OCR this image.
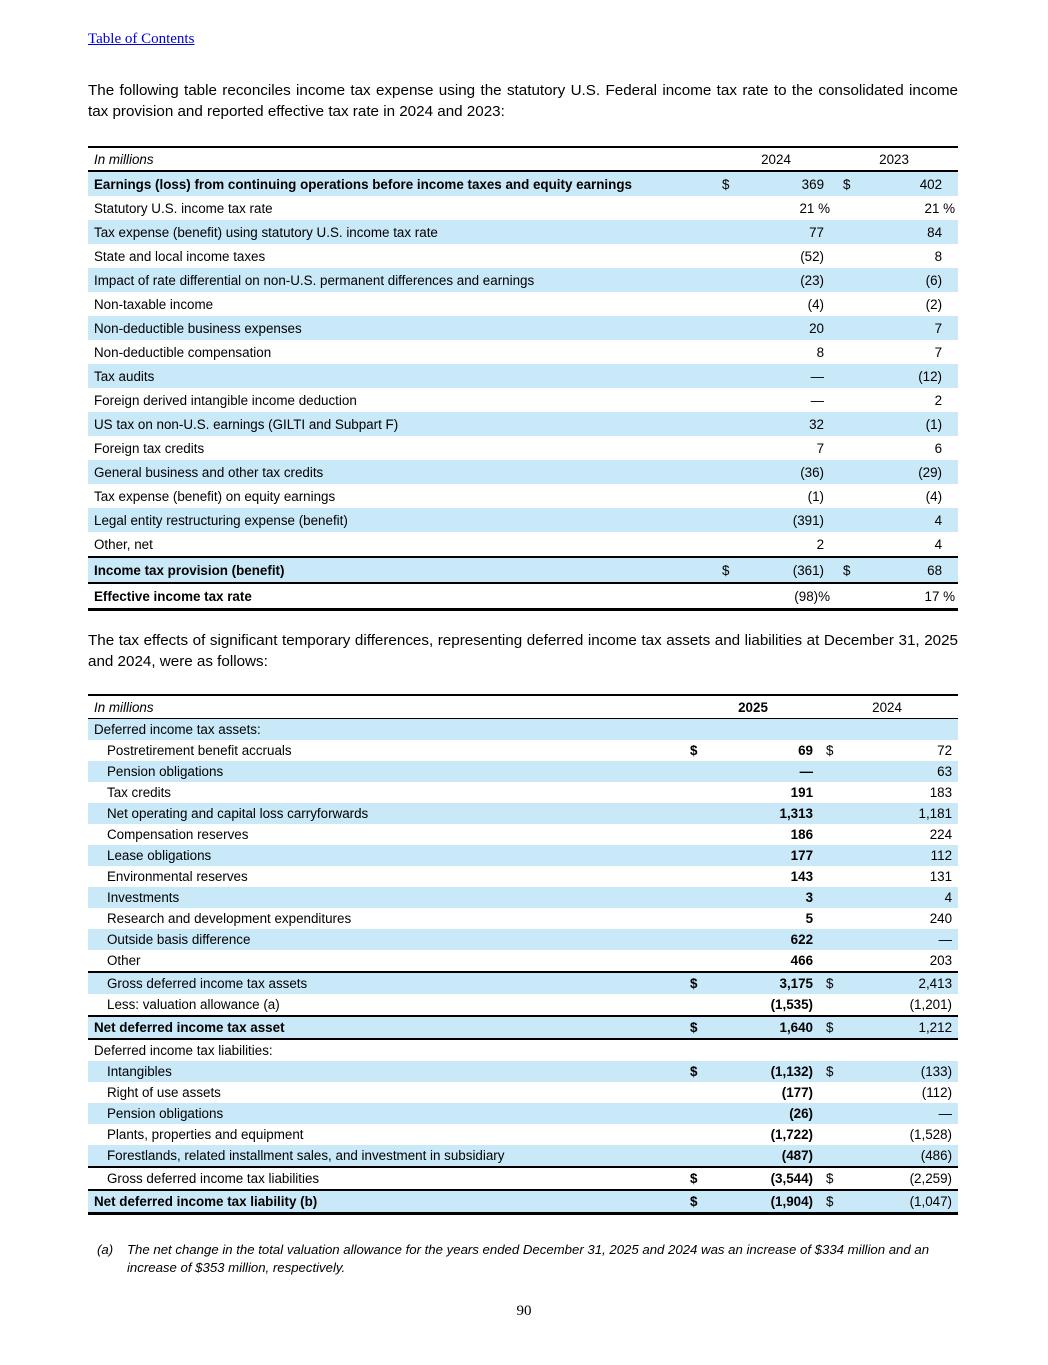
Table of Contents

The following table reconciles income tax expense using the statutory U.S. Federal income tax rate to the consolidated income tax provision and reported effective tax rate in 2024 and 2023:

In millions	2024		2023	
Earnings (loss) from continuing operations before income taxes and equity earnings	$	369	$	402
Statutory U.S. income tax rate		21 %		21 %
Tax expense (benefit) using statutory U.S. income tax rate		77		84
State and local income taxes		(52)		8
Impact of rate differential on non-U.S. permanent differences and earnings		(23)		(6)
Non-taxable income		(4)		(2)
Non-deductible business expenses		20		7
Non-deductible compensation		8		7
Tax audits		—		(12)
Foreign derived intangible income deduction		—		2
US tax on non-U.S. earnings (GILTI and Subpart F)		32		(1)
Foreign tax credits		7		6
General business and other tax credits		(36)		(29)
Tax expense (benefit) on equity earnings		(1)		(4)
Legal entity restructuring expense (benefit)		(391)		4
Other, net		2		4
Income tax provision (benefit)	$	(361)	$	68
Effective income tax rate		(98)%		17 %

The tax effects of significant temporary differences, representing deferred income tax assets and liabilities at December 31, 2025 and 2024, were as follows:

In millions	2025		2024	
Deferred income tax assets:				
Postretirement benefit accruals	$	69	$	72
Pension obligations		—		63
Tax credits		191		183
Net operating and capital loss carryforwards		1,313		1,181
Compensation reserves		186		224
Lease obligations		177		112
Environmental reserves		143		131
Investments		3		4
Research and development expenditures		5		240
Outside basis difference		622		—
Other		466		203
Gross deferred income tax assets	$	3,175	$	2,413
Less: valuation allowance (a)		(1,535)		(1,201)
Net deferred income tax asset	$	1,640	$	1,212
Deferred income tax liabilities:				
Intangibles	$	(1,132)	$	(133)
Right of use assets		(177)		(112)
Pension obligations		(26)		—
Plants, properties and equipment		(1,722)		(1,528)
Forestlands, related installment sales, and investment in subsidiary		(487)		(486)
Gross deferred income tax liabilities	$	(3,544)	$	(2,259)
Net deferred income tax liability (b)	$	(1,904)	$	(1,047)
(a)	The net change in the total valuation allowance for the years ended December 31, 2025 and 2024 was an increase of $334 million and an increase of $353 million, respectively.
90
